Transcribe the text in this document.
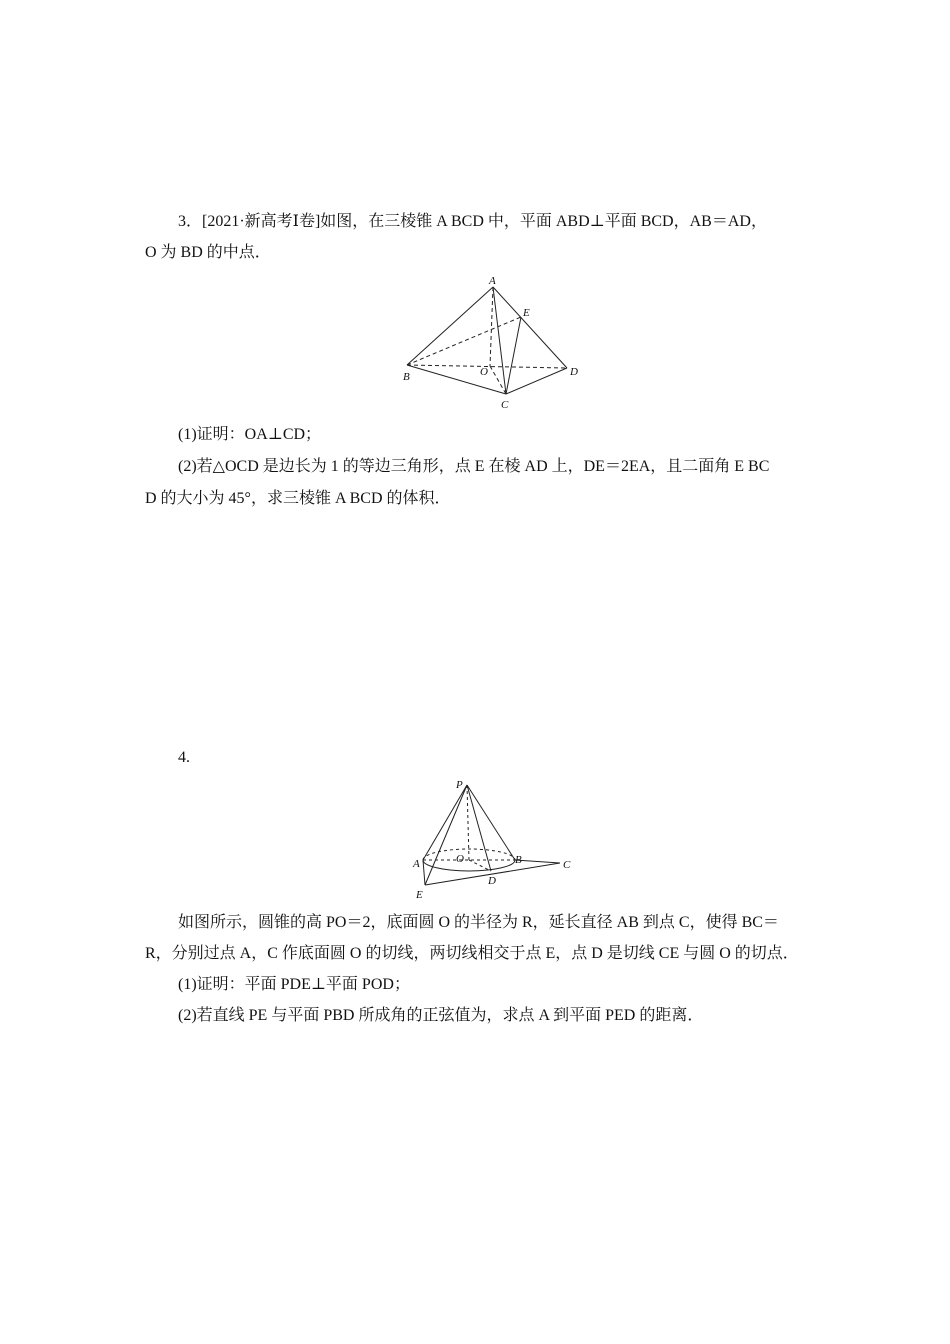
3．[2021·新高考Ⅰ卷]如图，在三棱锥 A BCD 中，平面 ABD⊥平面 BCD，AB＝AD，
O 为 BD 的中点．
A
E
B	O	D
C
(1)证明：OA⊥CD；
(2)若△OCD 是边长为 1 的等边三角形，点 E 在棱 AD 上，DE＝2EA，且二面角 E BC
D 的大小为 45°，求三棱锥 A BCD 的体积．
4.
P
A	O	B	C
D
E
如图所示，圆锥的高 PO＝2，底面圆 O 的半径为 R，延长直径 AB 到点 C，使得 BC＝
R，分别过点 A，C 作底面圆 O 的切线，两切线相交于点 E，点 D 是切线 CE 与圆 O 的切点．
(1)证明：平面 PDE⊥平面 POD；
(2)若直线 PE 与平面 PBD 所成角的正弦值为，求点 A 到平面 PED 的距离．
